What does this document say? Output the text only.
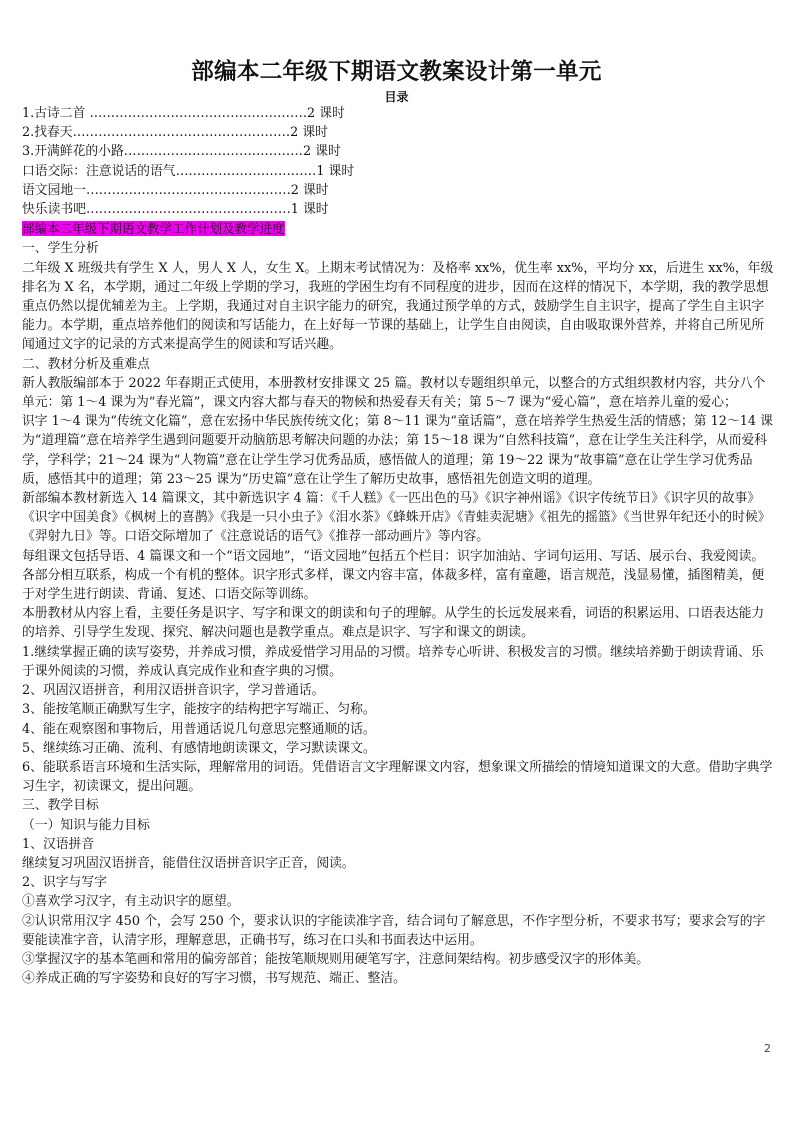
部编本二年级下期语文教案设计第一单元
目录

1.古诗二首 ……………………………………………2 课时

2.找春天……………………………………………2 课时

3.开满鲜花的小路……………………………………2 课时

口语交际：注意说话的语气……………………………1 课时

语文园地一…………………………………………2 课时

快乐读书吧…………………………………………1 课时

部编本二年级下期语文教学工作计划及教学进度

一、学生分析

二年级 X 班级共有学生 X 人，男人 X 人，女生 X。上期末考试情况为：及格率 xx%，优生率 xx%，平均分 xx，后进生 xx%，年级排名为 X 名，本学期，通过二年级上学期的学习，我班的学困生均有不同程度的进步，因而在这样的情况下，本学期，我的教学思想重点仍然以提优辅差为主。上学期，我通过对自主识字能力的研究，我通过预学单的方式，鼓励学生自主识字，提高了学生自主识字能力。本学期，重点培养他们的阅读和写话能力，在上好每一节课的基础上，让学生自由阅读，自由吸取课外营养，并将自己所见所闻通过文字的记录的方式来提高学生的阅读和写话兴趣。

二、教材分析及重难点

新人教版编部本于 2022 年春期正式使用，本册教材安排课文 25 篇。教材以专题组织单元，以整合的方式组织教材内容，共分八个单元：第 1～4 课为为“春光篇”，课文内容大都与春天的物候和热爱春天有关；第 5～7 课为“爱心篇”，意在培养儿童的爱心；

识字 1～4 课为“传统文化篇”，意在宏扬中华民族传统文化；第 8～11 课为“童话篇”，意在培养学生热爱生活的情感；第 12～14 课为“道理篇”意在培养学生遇到问题要开动脑筋思考解决问题的办法；第 15～18 课为“自然科技篇”，意在让学生关注科学，从而爱科学，学科学；21～24 课为“人物篇”意在让学生学习优秀品质，感悟做人的道理；第 19～22 课为“故事篇”意在让学生学习优秀品质，感悟其中的道理；第 23～25 课为“历史篇”意在让学生了解历史故事，感悟祖先创造文明的道理。

新部编本教材新选入 14 篇课文，其中新选识字 4 篇：《千人糕》《一匹出色的马》《识字神州谣》《识字传统节日》《识字贝的故事》《识字中国美食》《枫树上的喜鹊》《我是一只小虫子》《泪水茶》《蜂蛛开店》《青蛙卖泥塘》《祖先的摇篮》《当世界年纪还小的时候》《羿射九日》等。口语交际增加了《注意说话的语气》《推荐一部动画片》等内容。

每组课文包括导语、4 篇课文和一个“语文园地”，“语文园地”包括五个栏目：识字加油站、字词句运用、写话、展示台、我爱阅读。

各部分相互联系，构成一个有机的整体。识字形式多样，课文内容丰富，体裁多样，富有童趣，语言规范，浅显易懂，插图精美，便于对学生进行朗读、背诵、复述、口语交际等训练。

本册教材从内容上看，主要任务是识字、写字和课文的朗读和句子的理解。从学生的长远发展来看，词语的积累运用、口语表达能力的培养、引导学生发现、探究、解决问题也是教学重点。难点是识字、写字和课文的朗读。

1.继续掌握正确的读写姿势，并养成习惯，养成爱惜学习用品的习惯。培养专心听讲、积极发言的习惯。继续培养勤于朗读背诵、乐于课外阅读的习惯，养成认真完成作业和查字典的习惯。

2、巩固汉语拼音，利用汉语拼音识字，学习普通话。

3、能按笔顺正确默写生字，能按字的结构把字写端正、匀称。

4、能在观察图和事物后，用普通话说几句意思完整通顺的话。

5、继续练习正确、流利、有感情地朗读课文，学习默读课文。

6、能联系语言环境和生活实际，理解常用的词语。凭借语言文字理解课文内容，想象课文所描绘的情境知道课文的大意。借助字典学习生字，初读课文，提出问题。

三、教学目标

（一）知识与能力目标

1、汉语拼音

继续复习巩固汉语拼音，能借住汉语拼音识字正音，阅读。

2、识字与写字

①喜欢学习汉字，有主动识字的愿望。

②认识常用汉字 450 个，会写 250 个，要求认识的字能读准字音，结合词句了解意思，不作字型分析，不要求书写；要求会写的字要能读准字音，认清字形，理解意思，正确书写，练习在口头和书面表达中运用。

③掌握汉字的基本笔画和常用的偏旁部首；能按笔顺规则用硬笔写字，注意间架结构。初步感受汉字的形体美。

④养成正确的写字姿势和良好的写字习惯，书写规范、端正、整洁。

2
